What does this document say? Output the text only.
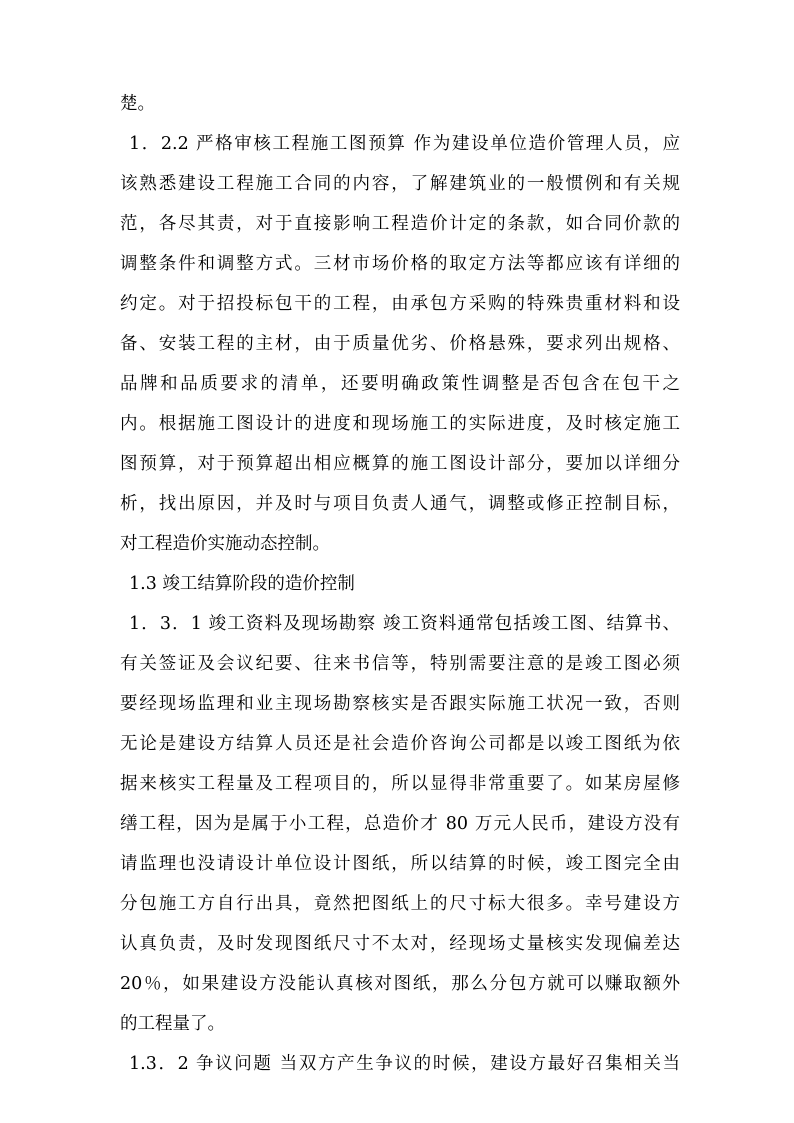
楚。
1．2.2 严格审核工程施工图预算 作为建设单位造价管理人员，应
该熟悉建设工程施工合同的内容，了解建筑业的一般惯例和有关规
范，各尽其责，对于直接影响工程造价计定的条款，如合同价款的
调整条件和调整方式。三材市场价格的取定方法等都应该有详细的
约定。对于招投标包干的工程，由承包方采购的特殊贵重材料和设
备、安装工程的主材，由于质量优劣、价格悬殊，要求列出规格、
品牌和品质要求的清单，还要明确政策性调整是否包含在包干之
内。根据施工图设计的进度和现场施工的实际进度，及时核定施工
图预算，对于预算超出相应概算的施工图设计部分，要加以详细分
析，找出原因，并及时与项目负责人通气，调整或修正控制目标，
对工程造价实施动态控制。
1.3 竣工结算阶段的造价控制
1．3．1 竣工资料及现场勘察 竣工资料通常包括竣工图、结算书、
有关签证及会议纪要、往来书信等，特别需要注意的是竣工图必须
要经现场监理和业主现场勘察核实是否跟实际施工状况一致，否则
无论是建设方结算人员还是社会造价咨询公司都是以竣工图纸为依
据来核实工程量及工程项目的，所以显得非常重要了。如某房屋修
缮工程，因为是属于小工程，总造价才 80 万元人民币，建设方没有
请监理也没请设计单位设计图纸，所以结算的时候，竣工图完全由
分包施工方自行出具，竟然把图纸上的尺寸标大很多。幸号建设方
认真负责，及时发现图纸尺寸不太对，经现场丈量核实发现偏差达
20％，如果建设方没能认真核对图纸，那么分包方就可以赚取额外
的工程量了。
1.3．2 争议问题 当双方产生争议的时候，建设方最好召集相关当
